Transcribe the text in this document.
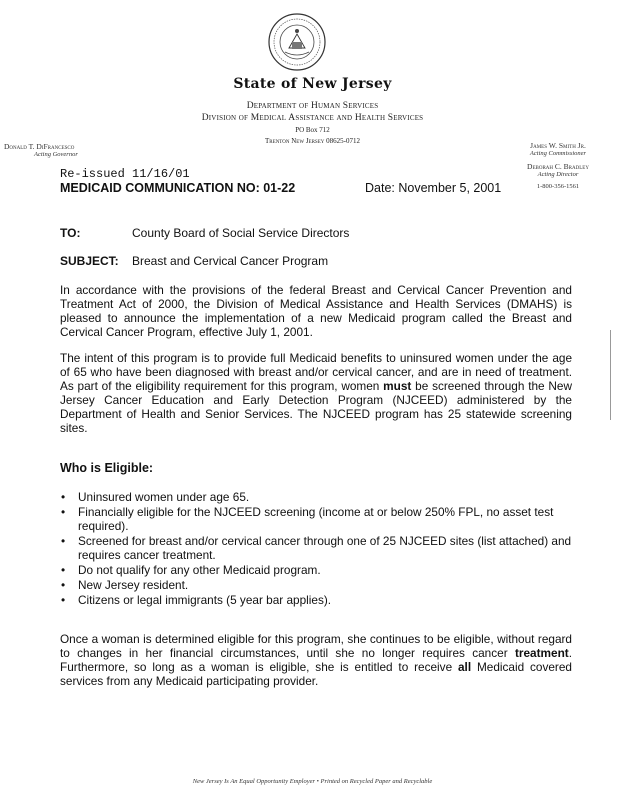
State of New Jersey
Department of Human Services
Division of Medical Assistance and Health Services
PO Box 712
Trenton New Jersey 08625-0712
Donald T. DiFrancesco
Acting Governor
James W. Smith Jr.
Acting Commissioner
Deborah C. Bradley
Acting Director
1-800-356-1561
Re-issued 11/16/01
MEDICAID COMMUNICATION NO: 01-22	Date: November 5, 2001
TO:	County Board of Social Service Directors
SUBJECT: Breast and Cervical Cancer Program
In accordance with the provisions of the federal Breast and Cervical Cancer Prevention and Treatment Act of 2000, the Division of Medical Assistance and Health Services (DMAHS) is pleased to announce the implementation of a new Medicaid program called the Breast and Cervical Cancer Program, effective July 1, 2001.
The intent of this program is to provide full Medicaid benefits to uninsured women under the age of 65 who have been diagnosed with breast and/or cervical cancer, and are in need of treatment. As part of the eligibility requirement for this program, women must be screened through the New Jersey Cancer Education and Early Detection Program (NJCEED) administered by the Department of Health and Senior Services. The NJCEED program has 25 statewide screening sites.
Who is Eligible:
• Uninsured women under age 65.
• Financially eligible for the NJCEED screening (income at or below 250% FPL, no asset test required).
• Screened for breast and/or cervical cancer through one of 25 NJCEED sites (list attached) and requires cancer treatment.
• Do not qualify for any other Medicaid program.
• New Jersey resident.
• Citizens or legal immigrants (5 year bar applies).
Once a woman is determined eligible for this program, she continues to be eligible, without regard to changes in her financial circumstances, until she no longer requires cancer treatment. Furthermore, so long as a woman is eligible, she is entitled to receive all Medicaid covered services from any Medicaid participating provider.
New Jersey Is An Equal Opportunity Employer • Printed on Recycled Paper and Recyclable
